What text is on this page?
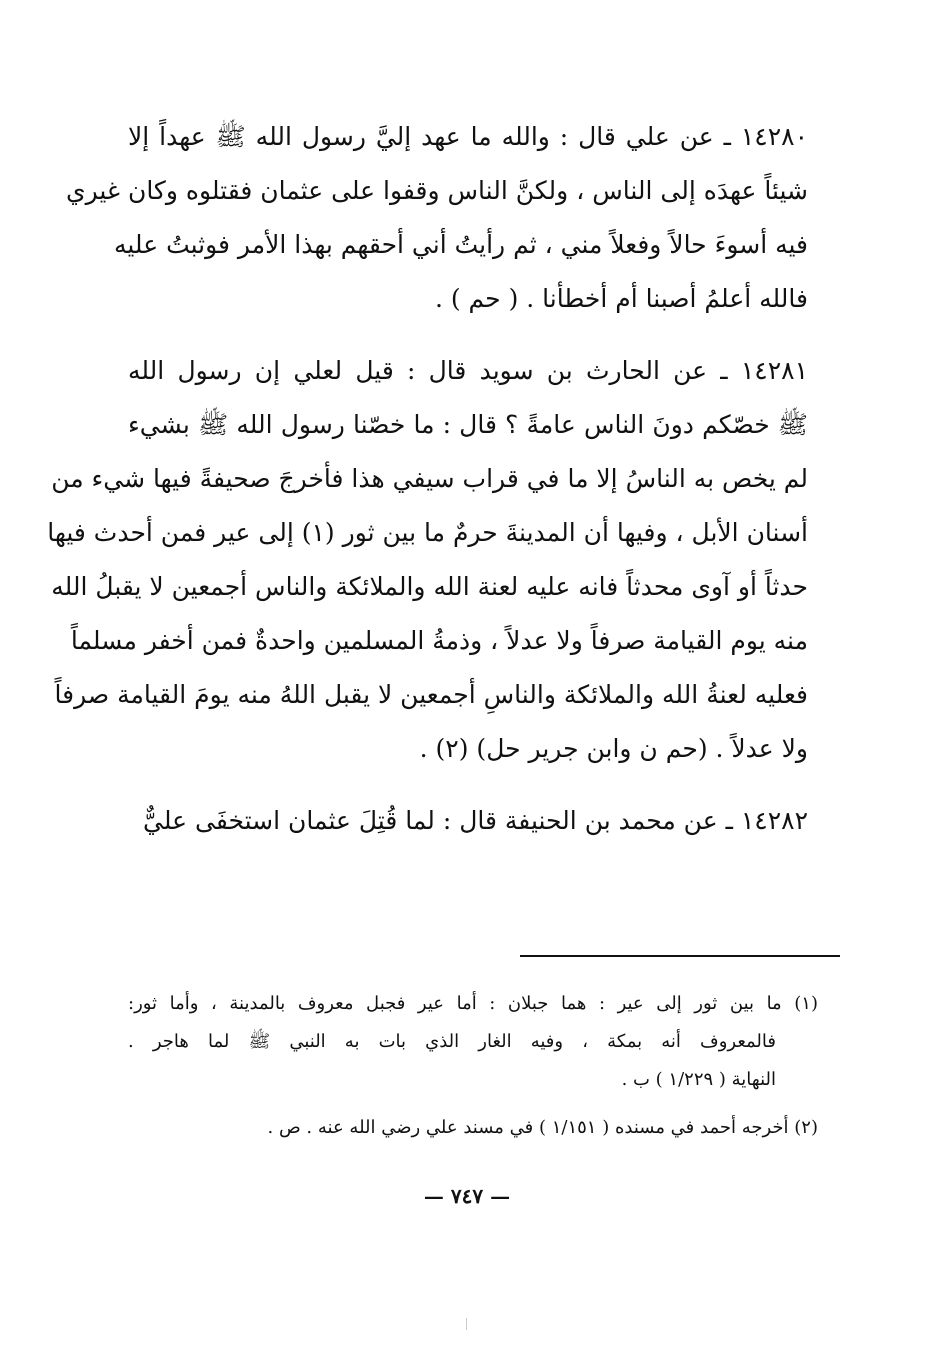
١٤٢٨٠ ـ عن علي قال : والله ما عهد إليَّ رسول الله ﷺ عهداً إلا
شيئاً عهدَه إلى الناس ، ولكنَّ الناس وقفوا على عثمان فقتلوه وكان غيري
فيه أسوءَ حالاً وفعلاً مني ، ثم رأيتُ أني أحقهم بهذا الأمر فوثبتُ عليه
فالله أعلمُ أصبنا أم أخطأنا . ( حم ) .
١٤٢٨١ ـ عن الحارث بن سويد قال : قيل لعلي إن رسول الله
ﷺ خصّكم دونَ الناس عامةً ؟ قال : ما خصّنا رسول الله ﷺ بشيء
لم يخص به الناسُ إلا ما في قراب سيفي هذا فأخرجَ صحيفةً فيها شيء من
أسنان الأبل ، وفيها أن المدينةَ حرمٌ ما بين ثور (١) إلى عير فمن أحدث فيها
حدثاً أو آوى محدثاً فانه عليه لعنة الله والملائكة والناس أجمعين لا يقبلُ الله
منه يوم القيامة صرفاً ولا عدلاً ، وذمةُ المسلمين واحدةٌ فمن أخفر مسلماً
فعليه لعنةُ الله والملائكة والناسِ أجمعين لا يقبل اللهُ منه يومَ القيامة صرفاً
ولا عدلاً . (حم ن وابن جرير حل) (٢) .
١٤٢٨٢ ـ عن محمد بن الحنيفة قال : لما قُتِلَ عثمان استخفَى عليٌّ
(١) ما بين ثور إلى عير : هما جبلان : أما عير فجبل معروف بالمدينة ، وأما ثور:
فالمعروف أنه بمكة ، وفيه الغار الذي بات به النبي ﷺ لما هاجر .
النهاية ( ١/٢٢٩ ) ب .
(٢) أخرجه أحمد في مسنده ( ١/١٥١ ) في مسند علي رضي الله عنه . ص .
— ٧٤٧ —
